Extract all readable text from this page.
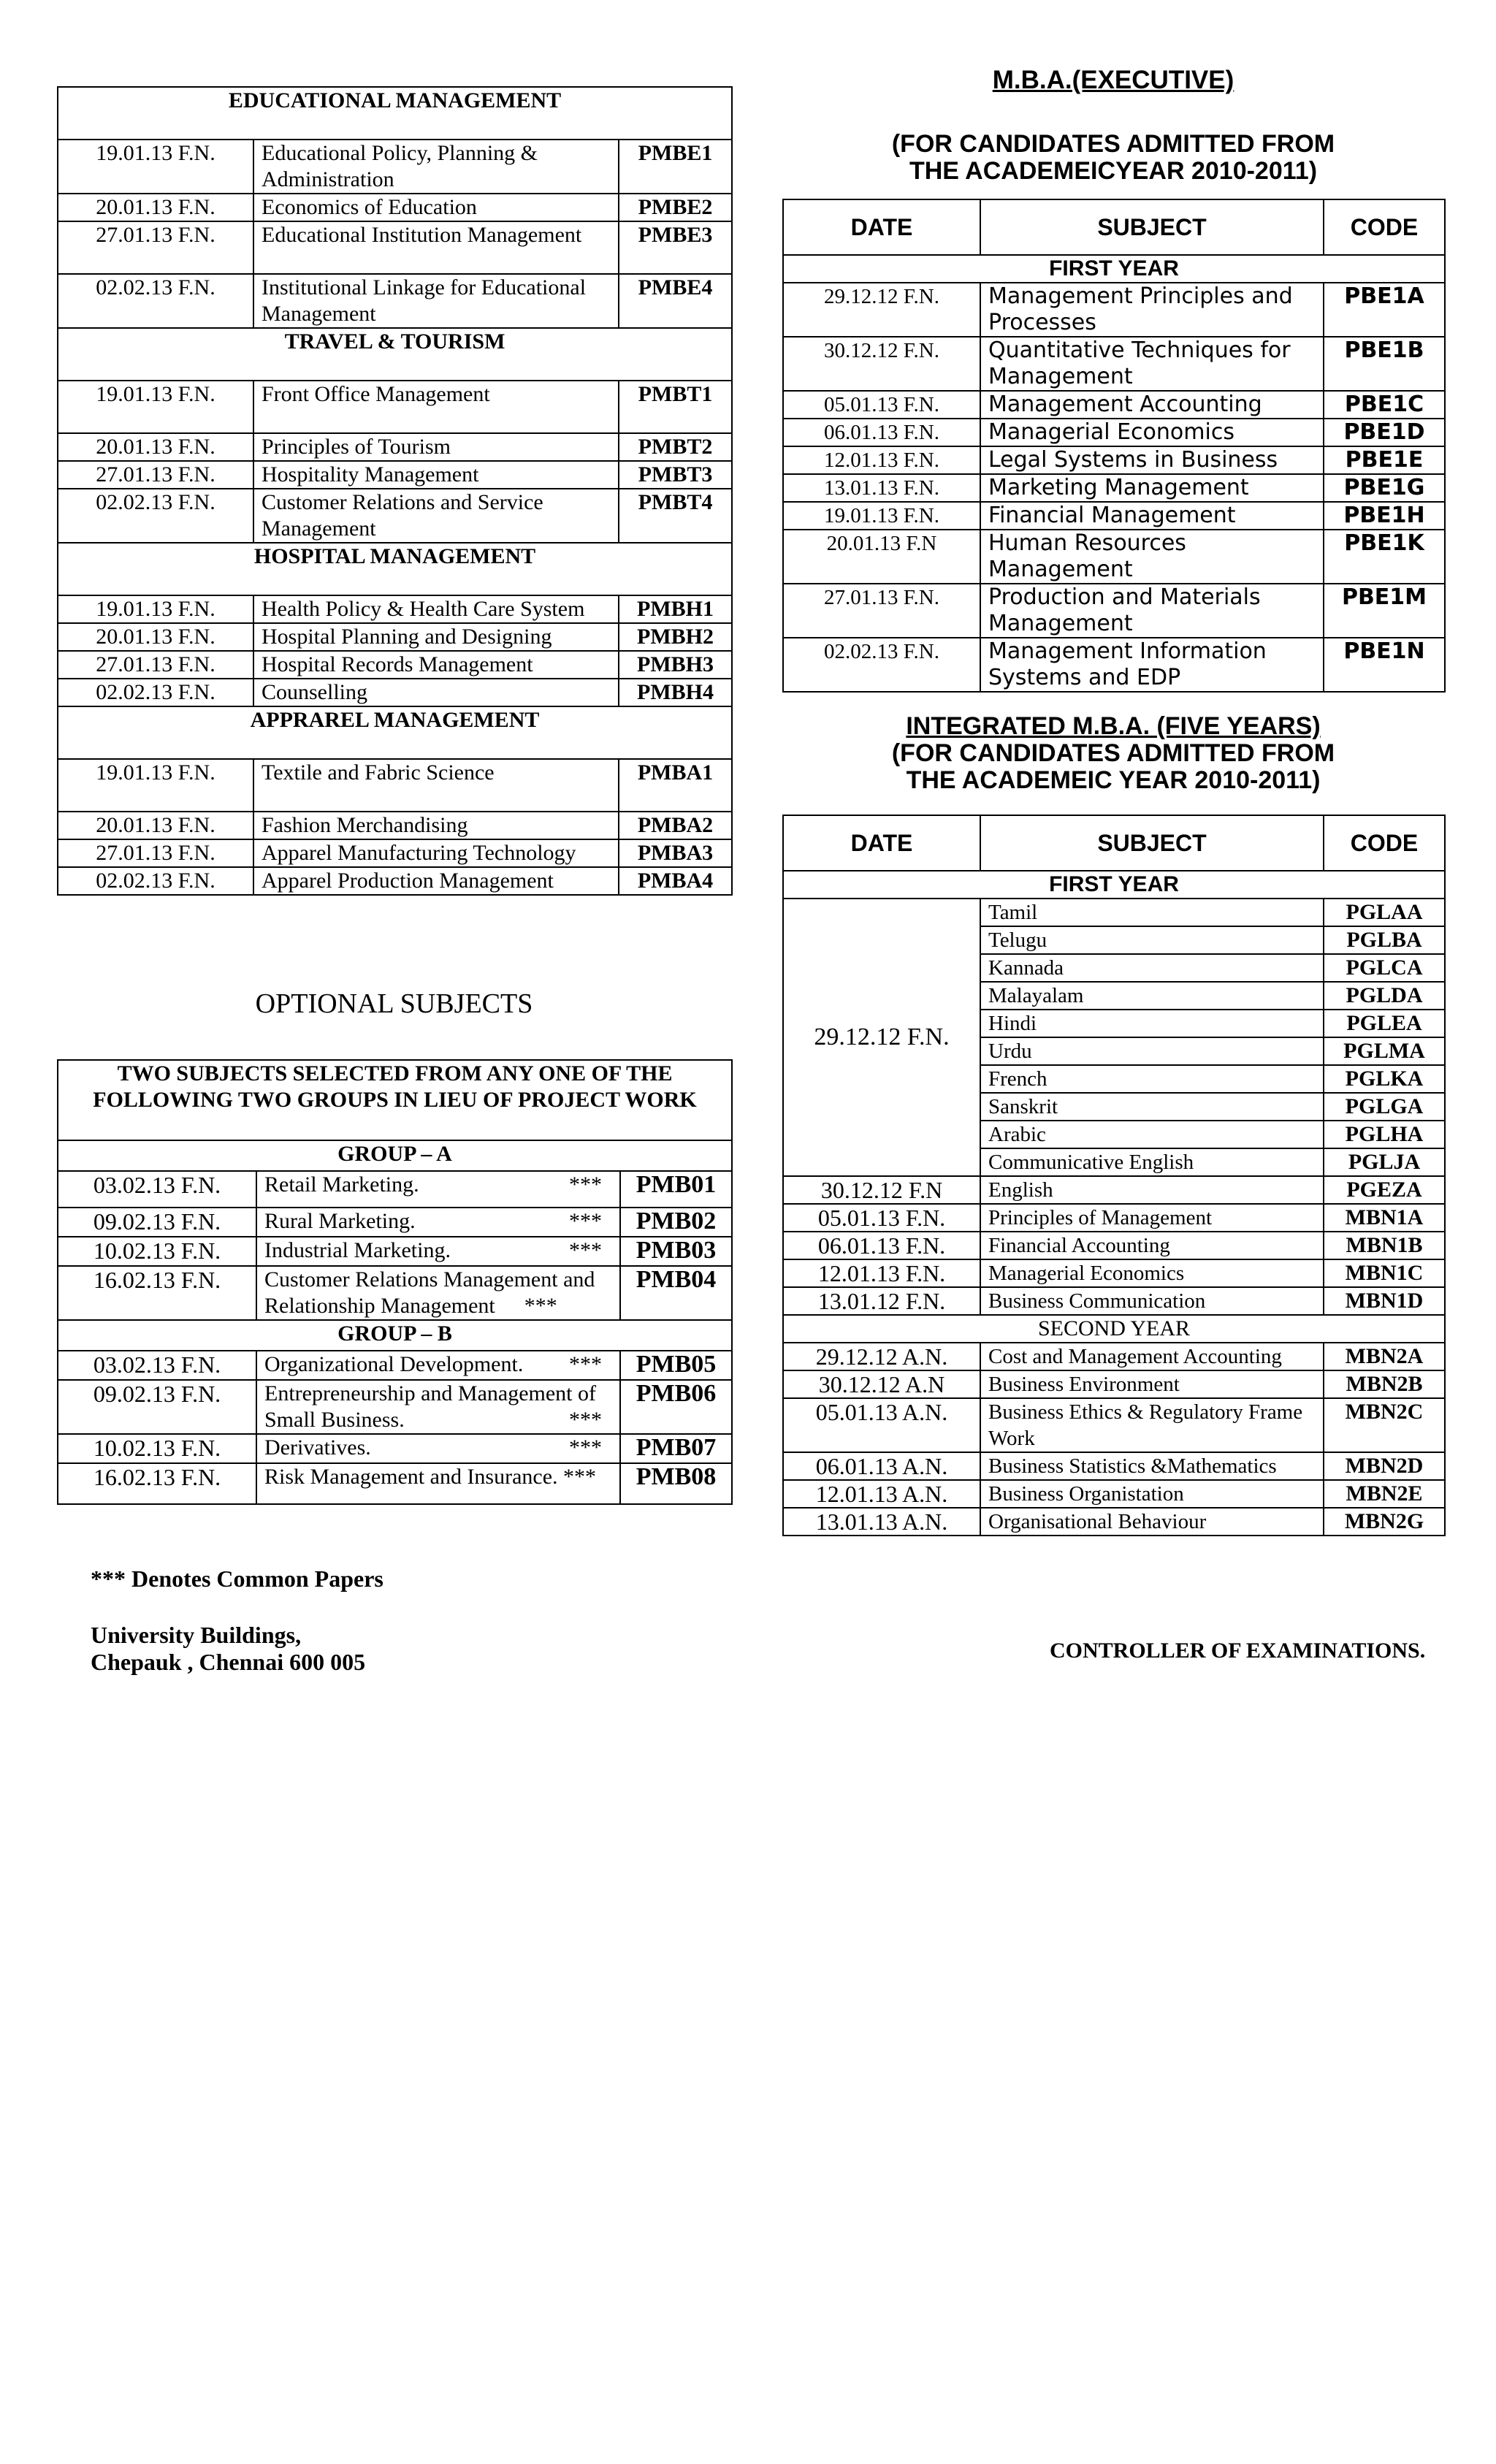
EDUCATIONAL MANAGEMENT		
19.01.13 F.N.	Educational Policy, Planning & Administration	PMBE1
20.01.13 F.N.	Economics of Education	PMBE2
27.01.13 F.N.	Educational Institution Management	PMBE3
02.02.13 F.N.	Institutional Linkage for Educational Management	PMBE4
TRAVEL & TOURISM		
19.01.13 F.N.	Front Office Management	PMBT1
20.01.13 F.N.	Principles of Tourism	PMBT2
27.01.13 F.N.	Hospitality Management	PMBT3
02.02.13 F.N.	Customer Relations and Service Management	PMBT4
HOSPITAL MANAGEMENT		
19.01.13 F.N.	Health Policy & Health Care System	PMBH1
20.01.13 F.N.	Hospital Planning and Designing	PMBH2
27.01.13 F.N.	Hospital Records Management	PMBH3
02.02.13 F.N.	Counselling	PMBH4
APPRAREL MANAGEMENT		
19.01.13 F.N.	Textile and Fabric Science	PMBA1
20.01.13 F.N.	Fashion Merchandising	PMBA2
27.01.13 F.N.	Apparel Manufacturing Technology	PMBA3
02.02.13 F.N.	Apparel Production Management	PMBA4
OPTIONAL SUBJECTS
TWO SUBJECTS SELECTED FROM ANY ONE OF THE FOLLOWING TWO GROUPS IN LIEU OF PROJECT WORK		
GROUP – A		
03.02.13 F.N.	Retail Marketing. ***	PMB01
09.02.13 F.N.	Rural Marketing. ***	PMB02
10.02.13 F.N.	Industrial Marketing. ***	PMB03
16.02.13 F.N.	Customer Relations Management and Relationship Management ***	PMB04
GROUP – B		
03.02.13 F.N.	Organizational Development. ***	PMB05
09.02.13 F.N.	Entrepreneurship and Management of Small Business. ***	PMB06
10.02.13 F.N.	Derivatives. ***	PMB07
16.02.13 F.N.	Risk Management and Insurance. ***	PMB08
*** Denotes Common Papers
University Buildings,
Chepauk , Chennai 600 005	CONTROLLER OF EXAMINATIONS.
M.B.A.(EXECUTIVE)
(FOR CANDIDATES ADMITTED FROM
THE ACADEMEICYEAR 2010-2011)
DATE	SUBJECT	CODE
FIRST YEAR		
29.12.12 F.N.	Management Principles and Processes	PBE1A
30.12.12 F.N.	Quantitative Techniques for Management	PBE1B
05.01.13 F.N.	Management Accounting	PBE1C
06.01.13 F.N.	Managerial Economics	PBE1D
12.01.13 F.N.	Legal Systems in Business	PBE1E
13.01.13 F.N.	Marketing Management	PBE1G
19.01.13 F.N.	Financial Management	PBE1H
20.01.13 F.N	Human Resources Management	PBE1K
27.01.13 F.N.	Production and Materials Management	PBE1M
02.02.13 F.N.	Management Information Systems and EDP	PBE1N
INTEGRATED M.B.A. (FIVE YEARS)
(FOR CANDIDATES ADMITTED FROM
THE ACADEMEIC YEAR 2010-2011)
DATE	SUBJECT	CODE
FIRST YEAR		
29.12.12 F.N.	Tamil	PGLAA
	Telugu	PGLBA
	Kannada	PGLCA
	Malayalam	PGLDA
	Hindi	PGLEA
	Urdu	PGLMA
	French	PGLKA
	Sanskrit	PGLGA
	Arabic	PGLHA
	Communicative English	PGLJA
30.12.12 F.N	English	PGEZA
05.01.13 F.N.	Principles of Management	MBN1A
06.01.13 F.N.	Financial Accounting	MBN1B
12.01.13 F.N.	Managerial Economics	MBN1C
13.01.12 F.N.	Business Communication	MBN1D
SECOND YEAR		
29.12.12 A.N.	Cost and Management Accounting	MBN2A
30.12.12 A.N	Business Environment	MBN2B
05.01.13 A.N.	Business Ethics & Regulatory Frame Work	MBN2C
06.01.13 A.N.	Business Statistics &Mathematics	MBN2D
12.01.13 A.N.	Business Organistation	MBN2E
13.01.13 A.N.	Organisational Behaviour	MBN2G
